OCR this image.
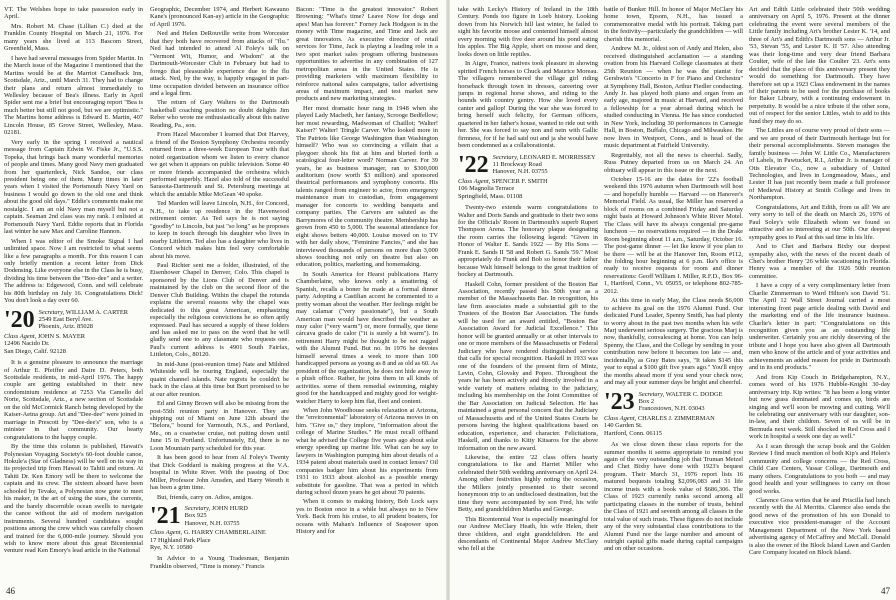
VT. The Welshes hope to take passession early in April.

Mrs. Robert M. Chase (Lillian C.) died at the Franklin County Hospital on March 21, 1976. For many years she lived at 113 Bascom Street, Greenfield, Mass.

I have had several messages from Spider Martin. In the March issue of the Magazine I mentioned that the Martins would be at the Marriot Camelback Inn, Scottsdale, Ariz., until March 31. They had to change their plans and return almost immediately to Wellesley because of Bea's illness. Early in April Spider sent me a brief but encouraging report "Bea is much better but still not good, but we are optimistic." The Martins home address is Edward E. Martin, 407 Lincoln House, 85 Grove Street, Wellesley, Mass. 02181.

Very early in the spring I received a nautical message from Captain Edwin W. Fiske Jr., "U.S.S. Topeka, that brings back many wonderful memories of people and times. Many good Navy men graduated from her quarterdeck, Nick Sandoe, our class president being one of them. Many times in later years when I visited the Portsmouth Navy Yard on business I would go down to the old one and think about the good old days." Eddie's comments make me nostalgic. I am an old Navy man myself but not a captain. Seaman 2nd class was my rank. I enlisted at Portsmouth Navy Yard. Eddie reports that in Florida last winter he saw Max and Caroline Hannon.

When I was editor of the Smoke Signal I had unlimited space. Now I am restricted to what seems like a few paragraphs a month. For this reason I can only briefly mention a recent letter from Dick Dodensing. Like everyone else in the Class he is busy, dividing his time between the "Boo-dee" and a writer. The address is: Edgewood, Conn. and will celebrate his 80th birthday on July 16. Congratulations Dick! You don't look a day over 60.

'20 Secretary, WILLIAM A. CARTER
2549 East Beryl Ave.
Phoenix, Ariz. 85028
Class Agent, JOHN S. MAYER
12496 Nacido Dr.
San Diego, Calif. 92128

It is a genuine pleasure to announce the marriage of Arthur E. Pfeiffer and Daire D. Peters, both Scottsdale residents, in mid-April 1976. The happy couple are getting established in their new condominium residence at 7253 Via Camello del Norte, Scottsdale, Ariz., a new section of Scottsdale on the old McCormick Ranch being developed by the Kaiser-Aetna group. Art and "Dee-dee" were joined in marriage in Prescott by "Dee-dee's" son, who is a minister in that community. Our hearty congratulations to the happy couple.

By the time this column is published, Hawaii's Polynesian Voyaging Society's 60-foot double canoe, Hokule'a (Star of Gladness) will be well on its way in its projected trip from Hawaii to Tahiti and return. At Tahiti Dr. Ken Emory will be there to welcome the captain and its crew. The sixteen aboard have been schooled by Tevake, a Polynesian now gone to meet his maker, in the art of using the stars, the currents, and the barely discernible ocean swells to navigate the canoe without the aid of modern navigation instruments. Several hundred candidates sought positions among the crew which was carefully chosen and trained for the 6,000-mile journey. Should you wish to know more about this great Bicentennial venture read Ken Emory's lead article in the National

Geographic, December 1974, and Herbert Kawauno Kane's (pronounced Kan-ay) article in the Geographic of April 1976.

Ned and Helen DeRouville write from Worcester that they both have recovered from attacks of "flu." Ned had intended to attend Al Foley's talk on "Vermont Wit, Humor, and Wisdom" at the Dartmouth-Worcester Club in February but had to forego that pleasurable experience due to the flu attack. Ned, by the way, is happily engaged in part-time occupation divided between an insurance office and a legal firm.

The return of Gary Walters to the Dartmouth basketball coaching position no doubt delights Jim Reber who wrote me enthusiastically about this native Reading, Pa., son.

From Hazel Macomber I learned that Dot Harvey, a friend of the Boston Symphony Orchestra recently returned from a three-week European Tour with that noted organization whom we listen to every chance we get when it appears on public television. Some 40 or more friends accompanied the orchestra which performed superbly. Hazel also told of the successful Sarasota-Dartmouth and St. Petersburg meetings at which the amiable Mike McGean '40 spoke.

Ted Marden will leave Lincoln, N.H., for Concord, N.H., to take up residence in the Havenwood retirement center. As Ted says he is not saying "goodby" to Lincoln, but just "so long" as he proposes to keep in touch through his daughter who lives in nearby Littleton. Ted also has a daughter who lives in Concord which makes him feel very comfortable about his move.

Paul Richter sent me a folder, illustrated, of the Eisenhower Chapel in Denver, Colo. This chapel is sponsored by the Lions Club of Denver and is maintained by the club on the second floor of the Denver Club Building. Within the chapel the rotunda explains the several reasons why the chapel was dedicated to this great American, emphasizing especially the religious convictions he so often aptly expressed. Paul has secured a supply of these folders and has asked me to pass on the word that he will gladly send one to any classmate who requests one. Paul's current address is 4901 South Fairfax, Littleton, Colo., 80120.

In mid-June (post-reunion time) Nate and Mildred Whiteside will be touring England, especially the quaint channel islands. Nate regrets he couldn't be back in the class at this time but Burt promised to be at our after reunion.

Ed and Ginny Brown will also be missing from the post-55th reunion party in Hanover. They are shipping out of Miami on June 12th aboard the "Belora," bound for Yarmouth, N.S., and Portland, Me., on a coastwise cruise, not putting down until June 15 in Portland. Unfortunately, Ed, there is no Loon Mountain party scheduled for this year.

It has been good to hear from Al Foley's Twenty that Dick Goddard is making progress at the V.A. hospital in White River. With the passing of Doc Miller, Professor John Amsden, and Harry Wereth it has been a grim time.

But, friends, carry on. Adios, amigos.

'21 Secretary, JOHN HURD
Box 925
Hanover, N.H. 03755
Class Agent, G. HARRY CHAMBERLAINE
17 Highland Park Place
Rye, N.Y. 10580

In Advice to a Young Tradesman, Benjamin Franklin observed, "Time is money." Francis

Bacon: "Time is the greatest innovator." Robert Browning: "What's time? Leave Now for dogs and apes! Man has forever." Forney Jack Hodgson is in the money with Time magazine, and Time and Jack are great innovators. As executive director of retail services for Time, Jack is playing a leading role in a two spot market sales program offering businesses opportunities to advertise in any combination of 127 metropolitan areas in the United States. He is providing marketers with maximum flexibility to reinforce national sales campaigns, tailor advertising areas of maximum impact, and test market new products and new marketing strategies.

Her most dramatic hour rang in 1948 when she played Lady Macbeth, her fantasy, Scrooge Bedfellow; her most rewarding, Madwoman of Chaillot; 'Walter! Kaiser?' Walter! Tringle Carver. Who looked more in The Patriots like George Washington than Washington himself? Who was so convincing a villain that a playgoer shook his fist at him and blurted forth a scatological four-letter word? Norman Carver. For 39 years, he as business manager, ran to $300,000 auditorium (now worth $3 million) and sponsored theatrical performances and symphony concerts. His talents ranged from engineer to actor, from emergency maintenance man to custodian, from engagement manager for concerts to wedding banquets and company parties. The Carvers are saluted as the Barrymores of the community theatre. Membership has grown from 450 to 5,000. The seasonal attendance for eight shows betters 40,000. Louise moved on to TV with her daily show, "Feminine Fancies," and she has interviewed thousands of persons on more than 3,000 shows touching not only on theatre but also on education, politics, marketing, and homemaking.

In South America for Hearst publications Harry Chamberlaine, who knows only a smattering of Spanish, recalls a boner he made at a formal dinner party. Adopting a Castilian accent he commented to a pretty woman about the weather. Her feelings might be may calamar ("very passionate"), but a South American man would have described the weather as muy calor ("very warm") or, more formally, que tiene cárcava grado de calor ("it is surely a bit warm"). In retirement Harry might be thought to be not ragged with the Alumni Fund. But no. In 1976 he devotes himself several times a week to more than 100 handicapped persons as young as 8 and as old as 60. As president of the organization, he does not hide away in a plush office. Rather, he joins them in all kinds of activities. some of them remedial swimming, mighty good for the handicapped and mighty good for weight-watcher Harry to keep him flat, fleet and content.

When John Woodhouse seeks relaxation at Arizona, the "environmental" laboratory of Arizona moves in on him. "Give us," they implore, "information about the college of Marine Studies." He must recall offhand what he advised the College five years ago about solar energy speeding up marine life. What can he say to lawyers in Washington pumping him about details of a 1934 patent about materials used in contact lenses? Oil companies badger him about his experiments from 1931 to 1933 about alcohol as a possible energy substitute for gasoline. That was a period in which during school dozen years he got about 70 patents.

When it comes to making history, Bob Lock says yes to Boston once in a while but always no to New York. Back from his cruise, to all prudent boaters, for oceans with Mahan's Influence of Seapower upon History and for

46

take with Lecky's History of Ireland in the 18th Century. Ponds too figure in Loeb history. Looking down from his Norwich hill last winter, he failed to sight his favorite moose and contented himself almost every morning with five deer around his pond eating his apples. The Big Apple, short on moose and deer, looks down on little reptiles.

In Aigre, France, natives took pleasure in showing spirited French horses to Chuck and Maurice Moreau. The villagers remembered the village girl riding horseback through town in dresses, careering over jumps in regional horse shows, and riding to the hounds with country gentry. How she loved every canter and gallop! During the war she was forced to bring herself such felicity, for German officers, quartered in her father's house, wanted to ride out with her. She was forced to say non and nein with Gallic firmness, for if he had said oui and ja she would have been condemned as a collaborationist.

'22 Secretary, LEONARD E. MORRISSEY
11 Brockway Road
Hanover, N.H. 03755
Class Agent, SPENCER F. SMITH
106 Magnolia Terrace
Springfield, Mass. 01108

Twenty-two extends warm congratulations to Walter and Doris Sands and gratitude to their two sons for the Officials' Room in Dartmouth's superb Rupert Thompson Arena. The honorary plaque designating the room carries the following legend: "Given in Honor of Walter E. Sands 1922 — By His Sons — Frank E. Sands II '58 and Robert G. Sands '59." Most appropriately do Frank and Bob so honor their father because Walt himself belongs to the great tradition of hockey at Dartmouth.

Haskell Cohn, former president of the Boston Bar Association, recently passed his 50th year as a member of the Massachusetts Bar. In recognition, his law firm associates made a substantial gift to the Trustees of the Boston Bar Association. The funds will be used for an award entitled, "Boston Bar Association Award for Judicial Excellence." This honor will be granted annually or at other intervals to one or more members of the Massachusetts or Federal Judiciary who have rendered distinguished service that calls for special recognition. Haskell in 1933 was one of the founders of the present firm of Mintz, Levin, Cohn, Glovsky and Popeo. Throughout the years he has been actively and directly involved in a wide variety of matters relating to the judiciary, including his membership on the Joint Committee of the Bar Association on Judicial Selection. He has maintained a great personal concern that the Judiciary of Massachusetts and of the United States Courts be persons having the highest qualifications based on education, experience, and character. Felicitations, Haskell, and thanks to Kitty Kitsaros for the above information on the new award.

Likewise, the entire '22 class offers hearty congratulations to Ike and Harriet Miller who celebrated their 50th wedding anniversary on April 24. Among other festivities highly noting the occasion, the Millers jointly presented to their second honeymoon trip to an undisclosed destination, but the time they were accompanied by son Fred, his wife Betty, and grandchildren Martha and George.

This Bicentennial Year is especially meaningful for our Andrew McClary Heath, his wife Helen, their three children, and eight grandchildren. He and descendants of Continental Major Andrew McClary who fell at the

battle of Bunker Hill. In honor of Major McClary his home town, Epsom, N.H., has issued a commemorative medal with his portrait. Taking part in the festivity—particularly the grandchildren — will cherish this memorial.

Andrew M. Jr., oldest son of Andy and Helen, also received distinguished acclamation — a standing ovation from his Harvard College classmates at their 25th Reunion — when he was the pianist for Gershwin's "Concerto in F for Piano and Orchestra" at Symphony Hall, Boston, Arthur Fiedler conducting. Andy Jr. has played both piano and organ from an early age, majored in music at Harvard, and received a fellowship for a year abroad during which he studied conducting in Vienna. He has since conducted in New York, including 30 performances in Carnegie Hall, in Boston, Buffalo, Chicago and Milwaukee. He now lives in Westport, Conn., and is head of the music department at Fairfield University.

Regrettably, not all the news is cheerful. Sadly, Russ Putney departed from us on March 24. An obituary will appear in this issue or the next.

October 15-16 are the dates for '22's football weekend this 1976 autumn when Dartmouth will host — and hopefully humble — Harvard — on Hanover's Memorial Field. As usual, Ike Miller has reserved a block of rooms on a combined Friday and Saturday night basis at Howard Johnson's White River Motel. The Class will have its always congenial pre-game luncheon — no reservations required — in the Drake Room beginning about 11 a.m., Saturday, October 16. The post-game dinner — let Ike know if you plan to be there — will be at the Hanover Inn, Room #112, the folding hour beginning at 6 p.m. Ike's office is ready to receive requests for room and dinner reservations: Geoff William I. Miller, R.F.D., Box 96-1, Hartford, Conn., Vt. 05055, or telephone 802-785-2012.

At this time in early May, the Class needs $6,000 to achieve its goal on the 1976 Alumni Fund. Our dedicated Fund Leader, Spenny Smith, has had plenty to worry about in the past two months when his wife Marj underwent serious surgery. The gracious Marj is now, thankfully, convalescing at home. You can help Spenny, the Class, and the College by sending in your contribution now before it becomes too late — and, incidentally, as Gray Bates says, "It takes $145 this year to equal a $100 gift five years ago." You'll enjoy the months ahead more if you send your check now, and may all your summer days be bright and cheerful.

'23 Secretary, WALTER C. DODGE
Box 2
Francestown, N.H. 03043
Class Agent, CHARLES J. ZIMMERMAN
140 Garden St.
Hartford, Conn. 06115

As we close down these class reports for the summer months it seems appropriate to remind you again of the very outstanding job that Truman Metzel and Chet Bixby have done with 1923's bequest program. Their March 31, 1976 report lists 16 matured bequests totaling $2,096,083 and 31 life income trusts with a book value of $686,306. The Class of 1923 currently ranks second among all participating classes in the number of trusts, behind the Class of 1921 and seventh among all classes in the total value of such trusts. These figures do not include any of the very substantial class contributions to the Alumni Fund nor the large number and amount of outright capital gifts made during capital campaigns and on other occasions.

Art and Edith Little celebrated their 50th wedding anniversary on April 5, 1976. Present at the dinner celebrating the event were several members of the Little family including Art's brother Lester K. '14, and three of Art's and Edith's Dartmouth sons — Arthur Jr. '53, Stevan '55, and Lester K. II '57. Also attending was their long-time and very dear friend Barbara Coulter, wife of the late Ike Coulter '23. Art's sons decided that the place of this anniversary present they would do something for Dartmouth. They have therefore set up a 1923 Class endowment in the names of their parents to be used for the purchase of books for Baker Library, with a continuing endowment in perpetuity. It would be a nice tribute if the other sons, out of respect for the senior Littles, wish to add to this fund they may do so.

The Littles are of course very proud of their sons — and we are proud of their Dartmouth heritage but for their personal accomplishments. Steven manages the family business — John W. Little Co., Manufacturers of Labels, in Pawtucket, R.I., Arthur Jr. is manager of Otis Elevator Co., now a subsidiary of United Technologies, and lives in Longmeadow, Mass., and Lester II has just recently been made a full professor of Medieval History at Smith College and lives in Northampton.

Congratulations, Art and Edith, from us all! We are very sorry to tell of the death on March 26, 1976 of Paul Soley's wife Elizabeth whom we found so attractive and so interesting at our 50th. Our deepest sympathy goes to Paul at this sad time in his life.

And to Chet and Barbara Bixby our deepest sympathy also, with the news of the recent death of Chet's brother Henry '26 while vacationing in Florida. Henry was a member of the 1926 50th reunion committee.

I have a copy of a very complimentary letter from Charlie Zimmerman to Ward Hilton's son David '51. The April 12 Wall Street Journal carried a most interesting front page article dealing with David and the marketing end of the life insurance business. Charlie's letter in part: "Congratulations on this recognition given you as an outstanding life underwriter. Certainly you are richly deserving of the tribute and I hope you have also given all Dartmouth men who know of the article and of your activities and achievements an added reason for pride in Dartmouth and in its end products."

And from Kip Couch in Bridgehampton, N.Y., comes word of his 1976 Hubble-Knight 30-day anniversary trip. Kip writes: "It has been a long winter but now grass dominated and comes up, birds are singing and we'll soon be mowing and cutting. We'll be celebrating our anniversary with our daughter, son-in-law, and their children. Seven of us will be in Bermuda next week. Still shocked in Red Cross and I work in hospital a week one day as well."

As I scan through the scrap book and the Golden Review I find much mention of both Kip's and Helen's community and college concerns — the Red Cross, Child Care Centers, Vassar College, Dartmouth and many others. Congratulations to you both — and may good health and your willingness to carry on those good works.

Clarence Goss writes that he and Priscilla had lunch recently with the Al Merritts. Clarence also sends the good news of the promotion of his son Donald to executive vice president-manager of the Account Management Department of the New York based advertising agency of McCaffrey and McCall. Donald is also the owner of the Block Island Lawn and Garden Care Company located on Block Island.

47
